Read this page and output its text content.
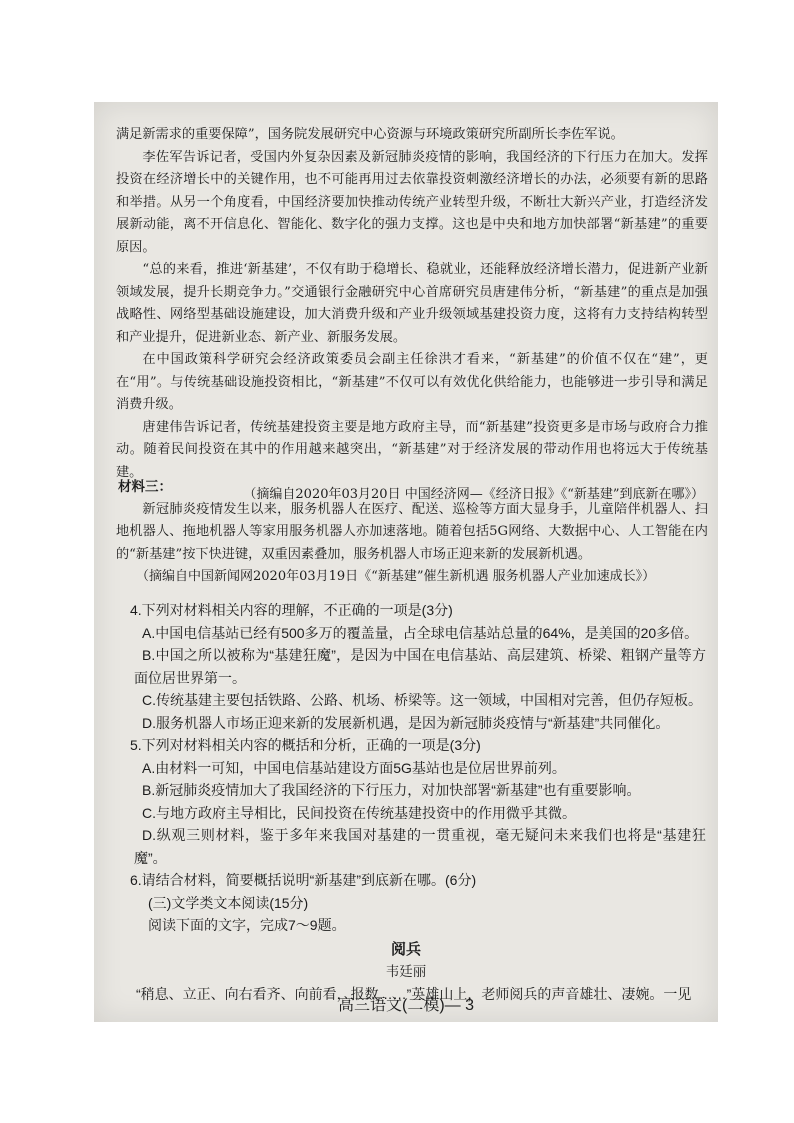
满足新需求的重要保障”，国务院发展研究中心资源与环境政策研究所副所长李佐军说。

李佐军告诉记者，受国内外复杂因素及新冠肺炎疫情的影响，我国经济的下行压力在加大。发挥投资在经济增长中的关键作用，也不可能再用过去依靠投资刺激经济增长的办法，必须要有新的思路和举措。从另一个角度看，中国经济要加快推动传统产业转型升级，不断壮大新兴产业，打造经济发展新动能，离不开信息化、智能化、数字化的强力支撑。这也是中央和地方加快部署“新基建”的重要原因。

“总的来看，推进‘新基建’，不仅有助于稳增长、稳就业，还能释放经济增长潜力，促进新产业新领域发展，提升长期竞争力。”交通银行金融研究中心首席研究员唐建伟分析，“新基建”的重点是加强战略性、网络型基础设施建设，加大消费升级和产业升级领域基建投资力度，这将有力支持结构转型和产业提升，促进新业态、新产业、新服务发展。

在中国政策科学研究会经济政策委员会副主任徐洪才看来，“新基建”的价值不仅在“建”，更在“用”。与传统基础设施投资相比，“新基建”不仅可以有效优化供给能力，也能够进一步引导和满足消费升级。

唐建伟告诉记者，传统基建投资主要是地方政府主导，而“新基建”投资更多是市场与政府合力推动。随着民间投资在其中的作用越来越突出，“新基建”对于经济发展的带动作用也将远大于传统基建。

（摘编自2020年03月20日 中国经济网—《经济日报》《“新基建”到底新在哪》）

材料三：

新冠肺炎疫情发生以来，服务机器人在医疗、配送、巡检等方面大显身手，儿童陪伴机器人、扫地机器人、拖地机器人等家用服务机器人亦加速落地。随着包括5G网络、大数据中心、人工智能在内的“新基建”按下快进键，双重因素叠加，服务机器人市场正迎来新的发展新机遇。

（摘编自中国新闻网2020年03月19日《“新基建”催生新机遇 服务机器人产业加速成长》）

4.下列对材料相关内容的理解，不正确的一项是(3分)

A.中国电信基站已经有500多万的覆盖量，占全球电信基站总量的64%，是美国的20多倍。

B.中国之所以被称为“基建狂魔”，是因为中国在电信基站、高层建筑、桥梁、粗钢产量等方面位居世界第一。

C.传统基建主要包括铁路、公路、机场、桥梁等。这一领域，中国相对完善，但仍存短板。

D.服务机器人市场正迎来新的发展新机遇，是因为新冠肺炎疫情与“新基建”共同催化。

5.下列对材料相关内容的概括和分析，正确的一项是(3分)

A.由材料一可知，中国电信基站建设方面5G基站也是位居世界前列。

B.新冠肺炎疫情加大了我国经济的下行压力，对加快部署“新基建”也有重要影响。

C.与地方政府主导相比，民间投资在传统基建投资中的作用微乎其微。

D.纵观三则材料，鉴于多年来我国对基建的一贯重视，毫无疑问未来我们也将是“基建狂魔”。

6.请结合材料，简要概括说明“新基建”到底新在哪。(6分)

(三)文学类文本阅读(15分)

阅读下面的文字，完成7～9题。

阅兵

韦廷丽

“稍息、立正、向右看齐、向前看，报数……”英雄山上，老师阅兵的声音雄壮、凄婉。一见

高三语文(二模)— 3
